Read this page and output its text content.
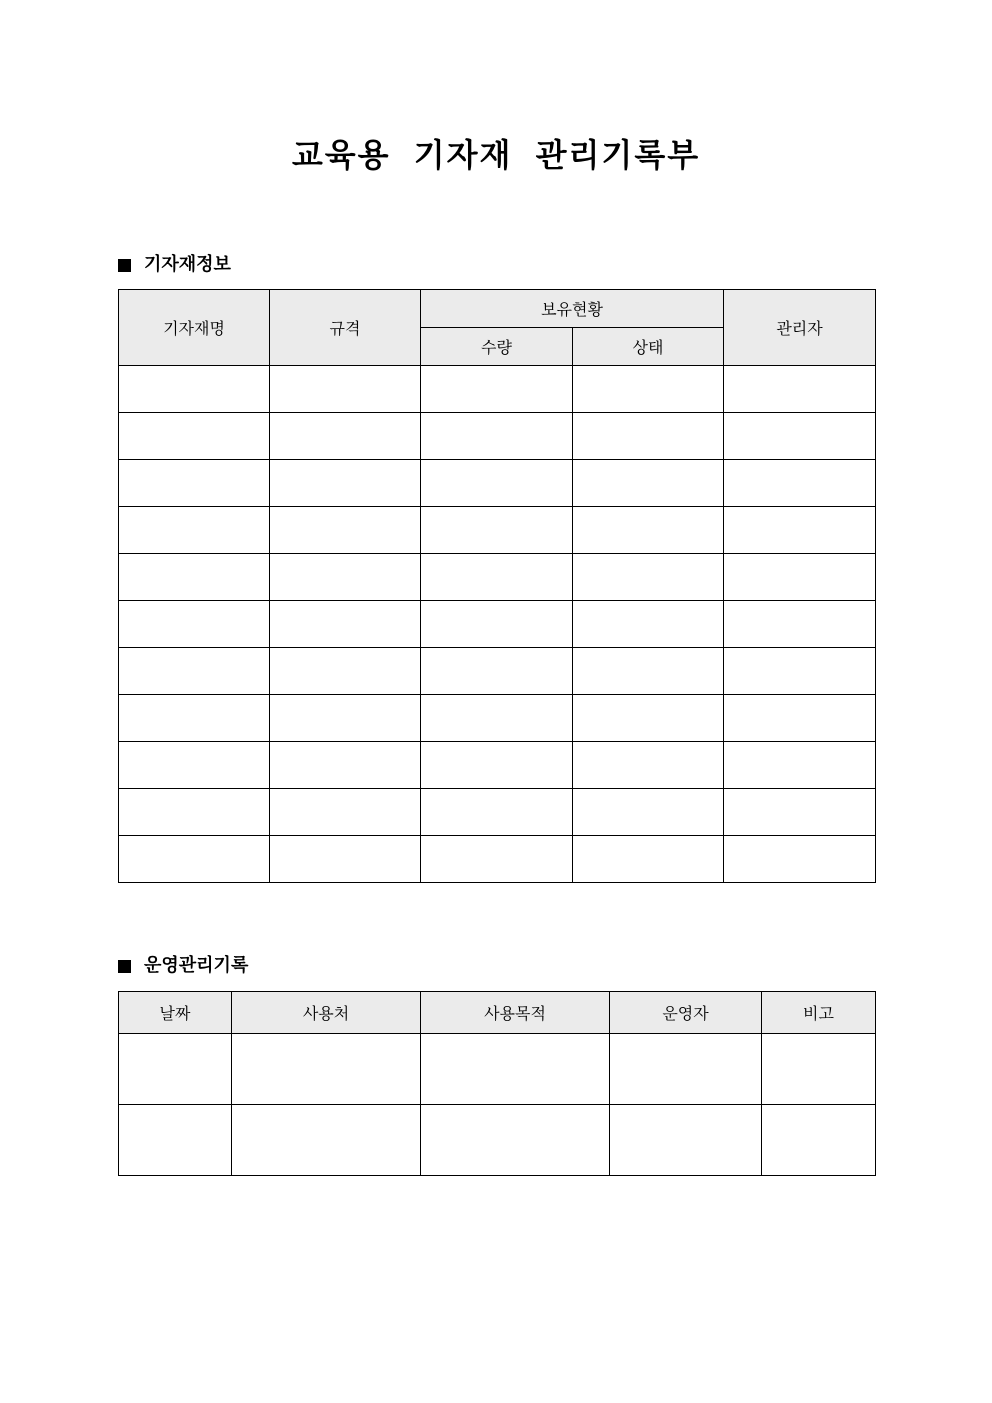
교육용 기자재 관리기록부
기자재정보
기자재명	규격	보유현황		관리자
		수량	상태	

운영관리기록
날짜	사용처	사용목적	운영자	비고
